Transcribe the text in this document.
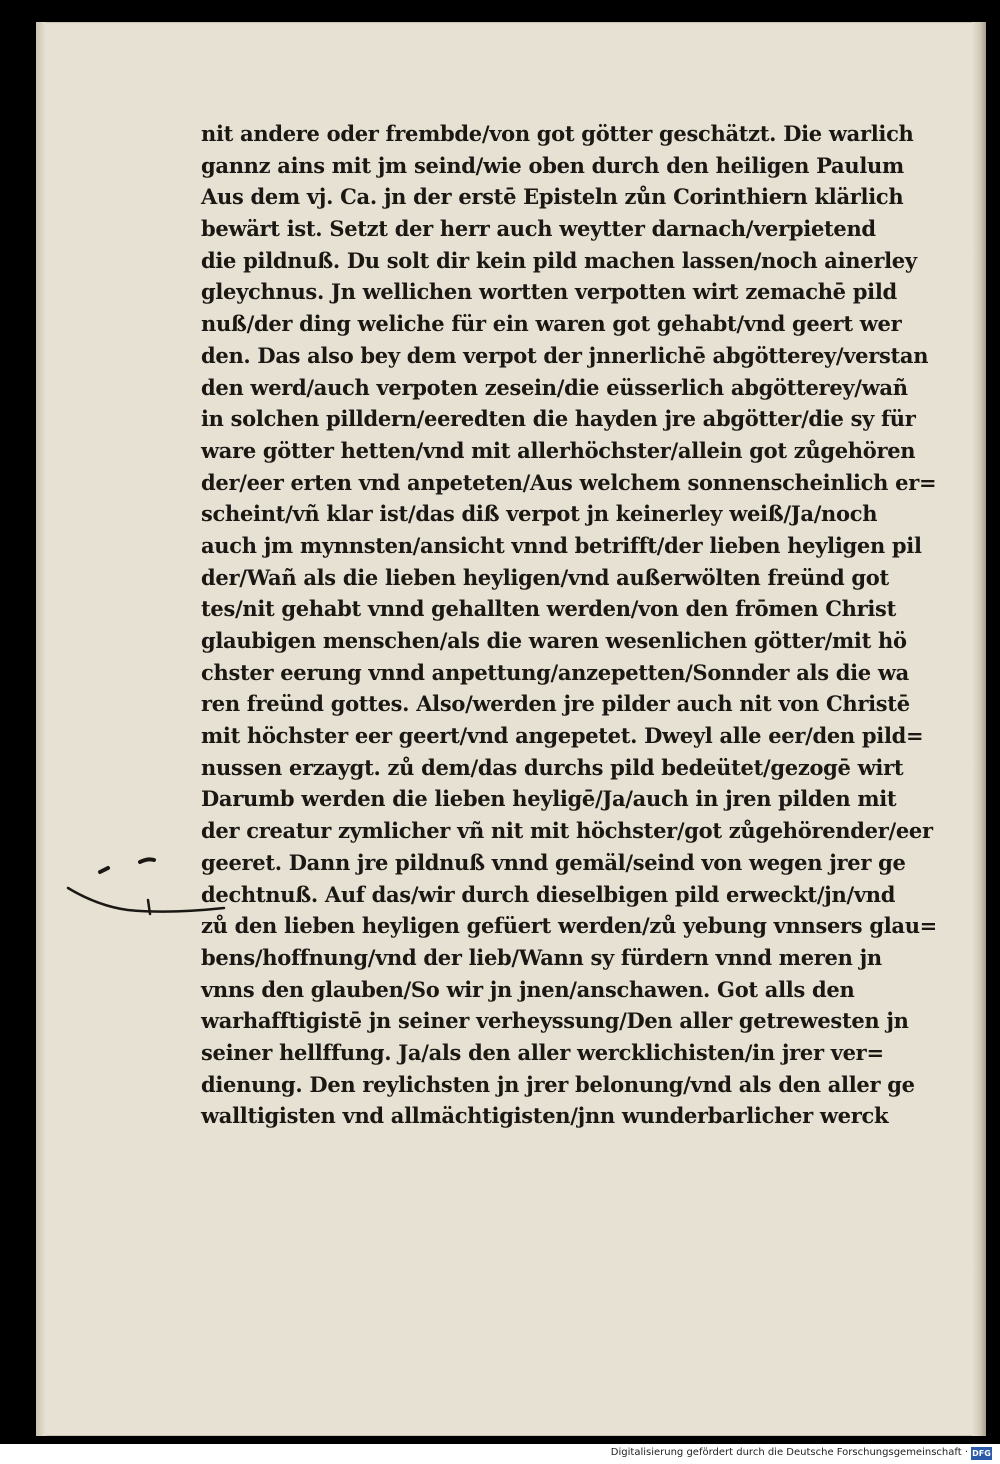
nit andere oder frembde/von got götter geschätzt. Die warlich
gannz ains mit jm seind/wie oben durch den heiligen Paulum
Aus dem vj. Ca. jn der erstē Episteln zůn Corinthiern klärlich
bewärt ist. Setzt der herr auch weytter darnach/verpietend
die pildnuß. Du solt dir kein pild machen lassen/noch ainerley
gleychnus. Jn wellichen wortten verpotten wirt zemachē pild
nuß/der ding weliche für ein waren got gehabt/vnd geert wer
den. Das also bey dem verpot der jnnerlichē abgötterey/verstan
den werd/auch verpoten zesein/die eüsserlich abgötterey/wañ
in solchen pilldern/eeredten die hayden jre abgötter/die sy für
ware götter hetten/vnd mit allerhöchster/allein got zůgehören
der/eer erten vnd anpeteten/Aus welchem sonnenscheinlich er=
scheint/vñ klar ist/das diß verpot jn keinerley weiß/Ja/noch
auch jm mynnsten/ansicht vnnd betrifft/der lieben heyligen pil
der/Wañ als die lieben heyligen/vnd außerwölten freünd got
tes/nit gehabt vnnd gehallten werden/von den frōmen Christ
glaubigen menschen/als die waren wesenlichen götter/mit hö
chster eerung vnnd anpettung/anzepetten/Sonnder als die wa
ren freünd gottes. Also/werden jre pilder auch nit von Christē
mit höchster eer geert/vnd angepetet. Dweyl alle eer/den pild=
nussen erzaygt. zů dem/das durchs pild bedeütet/gezogē wirt
Darumb werden die lieben heyligē/Ja/auch in jren pilden mit
der creatur zymlicher vñ nit mit höchster/got zůgehörender/eer
geeret. Dann jre pildnuß vnnd gemäl/seind von wegen jrer ge
dechtnuß. Auf das/wir durch dieselbigen pild erweckt/jn/vnd
zů den lieben heyligen gefüert werden/zů yebung vnnsers glau=
bens/hoffnung/vnd der lieb/Wann sy fürdern vnnd meren jn
vnns den glauben/So wir jn jnen/anschawen. Got alls den
warhafftigistē jn seiner verheyssung/Den aller getrewesten jn
seiner hellffung. Ja/als den aller wercklichisten/in jrer ver=
dienung. Den reylichsten jn jrer belonung/vnd als den aller ge
walltigisten vnd allmächtigisten/jnn wunderbarlicher werck
Digitalisierung gefördert durch die Deutsche Forschungsgemeinschaft · DFG
